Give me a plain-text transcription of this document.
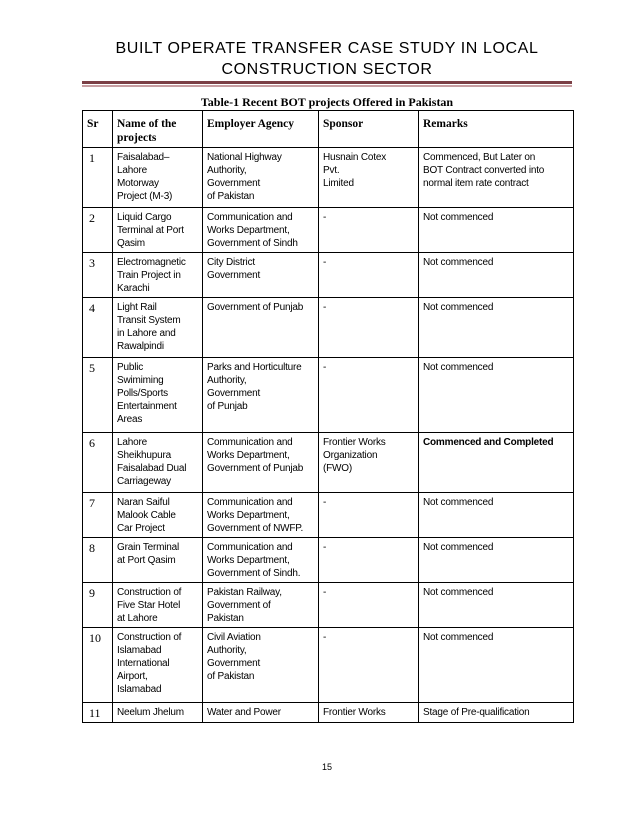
BUILT OPERATE TRANSFER CASE STUDY IN LOCAL
CONSTRUCTION SECTOR
Table-1 Recent BOT projects Offered in Pakistan
Sr	Name of the projects	Employer Agency	Sponsor	Remarks
1	Faisalabad–
Lahore
Motorway
Project (M-3)	National Highway
Authority,
Government
of Pakistan	Husnain Cotex
Pvt.
Limited	Commenced, But Later on
BOT Contract converted into
normal item rate contract

2	Liquid Cargo
Terminal at Port
Qasim	Communication and
Works Department,
Government of Sindh	-	Not commenced

3	Electromagnetic
Train Project in
Karachi	City District
Government	-	Not commenced

4	Light Rail
Transit System
in Lahore and
Rawalpindi	Government of Punjab	-	Not commenced

5	Public
Swimiming
Polls/Sports
Entertainment
Areas	Parks and Horticulture
Authority,
Government
of Punjab	-	Not commenced

6	Lahore
Sheikhupura
Faisalabad Dual
Carriageway	Communication and
Works Department,
Government of Punjab	Frontier Works
Organization
(FWO)	Commenced and Completed

7	Naran Saiful
Malook Cable
Car Project	Communication and
Works Department,
Government of NWFP.	-	Not commenced

8	Grain Terminal
at Port Qasim	Communication and
Works Department,
Government of Sindh.	-	Not commenced

9	Construction of
Five Star Hotel
at Lahore	Pakistan Railway,
Government of
Pakistan	-	Not commenced

10	Construction of
Islamabad
International
Airport,
Islamabad	Civil Aviation
Authority,
Government
of Pakistan	-	Not commenced

11	Neelum Jhelum	Water and Power	Frontier Works	Stage of Pre-qualification
15
